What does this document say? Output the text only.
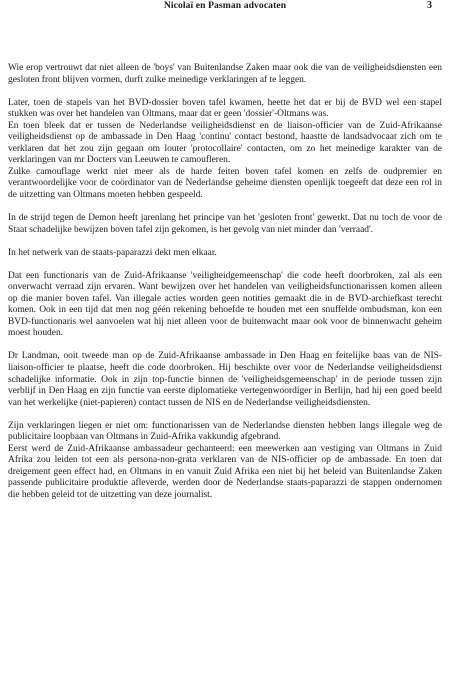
Nicolaï en Pasman advocaten	3

Wie erop vertrouwt dat niet alleen de 'boys' van Buitenlandse Zaken maar ook die van de veiligheidsdiensten een gesloten front blijven vormen, durft zulke meinedige verklaringen af te leggen.

Later, toen de stapels van het BVD-dossier boven tafel kwamen, heette het dat er bij de BVD wel een stapel stukken was over het handelen van Oltmans, maar dat er geen 'dossier'-Oltmans was.

En toen bleek dat er tussen de Nederlandse veiligheidsdienst en de liaison-officier van de Zuid-Afrikaanse veiligheidsdienst op de ambassade in Den Haag 'continu' contact bestond, haastte de landsadvocaat zich om te verklaren dat het zou zijn gegaan om louter 'protocollaire' contacten, om zo het meinedige karakter van de verklaringen van mr Docters van Leeuwen te camoufleren.

Zulke camouflage werkt niet meer als de harde feiten boven tafel komen en zelfs de oudpremier en verantwoordelijke voor de coördinator van de Nederlandse geheime diensten openlijk toegeeft dat deze een rol in de uitzetting van Oltmans moeten hebben gespeeld.

In de strijd tegen de Demon heeft jarenlang het principe van het 'gesloten front' gewerkt. Dat nu toch de voor de Staat schadelijke bewijzen boven tafel zijn gekomen, is het gevolg van niet minder dan 'verraad'.

In het netwerk van de staats-paparazzi dekt men elkaar.

Dat een functionaris van de Zuid-Afrikaanse 'veiligheidgemeenschap' die code heeft doorbroken, zal als een onverwacht verraad zijn ervaren. Want bewijzen over het handelen van veiligheidsfunctionarissen komen alleen op die manier boven tafel. Van illegale acties worden geen notities gemaakt die in de BVD-archiefkast terecht komen. Ook in een tijd dat men nog géén rekening behoefde te houden met een snuffelde ombudsman, kon een BVD-functionaris wel aanvoelen wat hij niet alleen voor de buitenwacht maar ook voor de binnenwacht geheim moest houden.

Dr Landman, ooit tweede man op de Zuid-Afrikaanse ambassade in Den Haag en feitelijke baas van de NIS-liaison-officier te plaatse, heeft die code doorbroken. Hij beschikte over voor de Nederlandse veiligheidsdienst schadelijke informatie. Ook in zijn top-functie binnen de 'veiligheidsgemeenschap' in de periode tussen zijn verblijf in Den Haag en zijn functie van eerste diplomatieke vertegenwoordiger in Berlijn, had hij een goed beeld van het werkelijke (niet-papieren) contact tussen de NIS en de Nederlandse veiligheidsdiensten.

Zijn verklaringen liegen er niet om: functionarissen van de Nederlandse diensten hebben langs illegale weg de publicitaire loopbaan van Oltmans in Zuid-Afrika vakkundig afgebrand.

Eerst werd de Zuid-Afrikaanse ambassadeur gechanteerd: een meewerken aan vestiging van Oltmans in Zuid Afrika zou leiden tot een als persona-non-grata verklaren van de NIS-officier op de ambassade. En toen dat dreigement geen effect had, en Oltmans in en vanuit Zuid Afrika een niet bij het beleid van Buitenlandse Zaken passende publicitaire produktie afleverde, werden door de Nederlandse staats-paparazzi de stappen ondernomen die hebben geleid tot de uitzetting van deze journalist.
